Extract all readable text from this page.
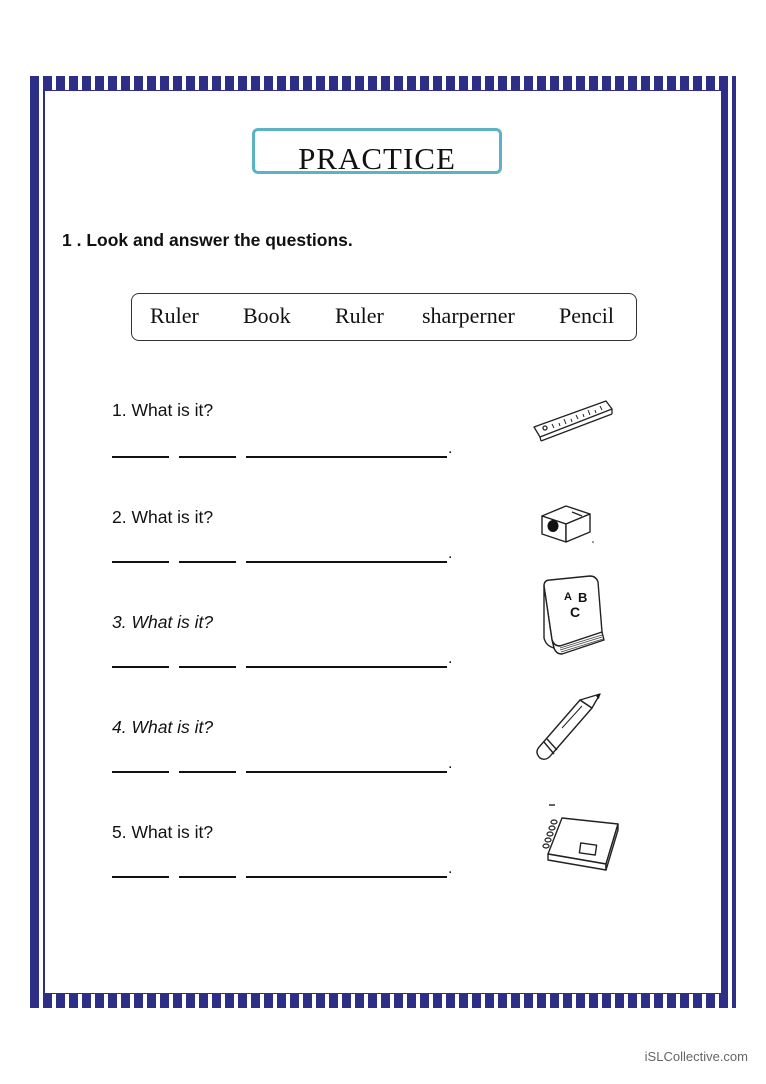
PRACTICE
1 . Look and answer the questions.
Ruler Book Ruler sharperner Pencil
1. What is it?
.
2. What is it?
.
3. What is it?
.
4. What is it?
.
5. What is it?
.
A B
C
iSLCollective.com
